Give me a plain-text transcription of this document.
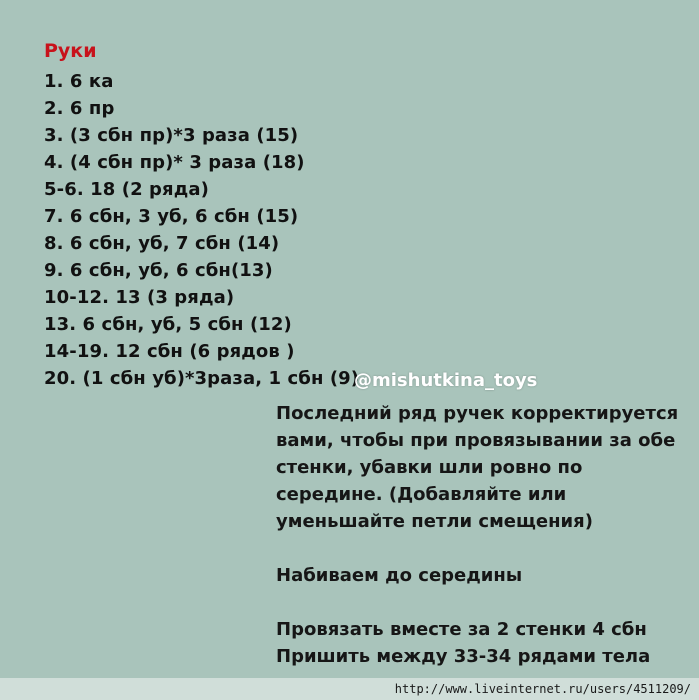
Руки
1. 6 ка
2. 6 пр
3. (3 сбн пр)*3 раза (15)
4. (4 сбн пр)* 3 раза (18)
5-6. 18 (2 ряда)
7. 6 сбн, 3 уб, 6 сбн (15)
8. 6 сбн, уб, 7 сбн (14)
9. 6 сбн, уб, 6 сбн(13)
10-12. 13 (3 ряда)
13. 6 сбн, уб, 5 сбн (12)
14-19. 12 сбн (6 рядов )
20. (1 сбн уб)*3раза, 1 сбн (9)
@mishutkina_toys

Последний ряд ручек корректируется вами, чтобы при провязывании за обе стенки, убавки шли ровно по середине. (Добавляйте или уменьшайте петли смещения)

Набиваем до середины

Провязать вместе за 2 стенки 4 сбн

Пришить между 33-34 рядами тела

http://www.liveinternet.ru/users/4511209/
